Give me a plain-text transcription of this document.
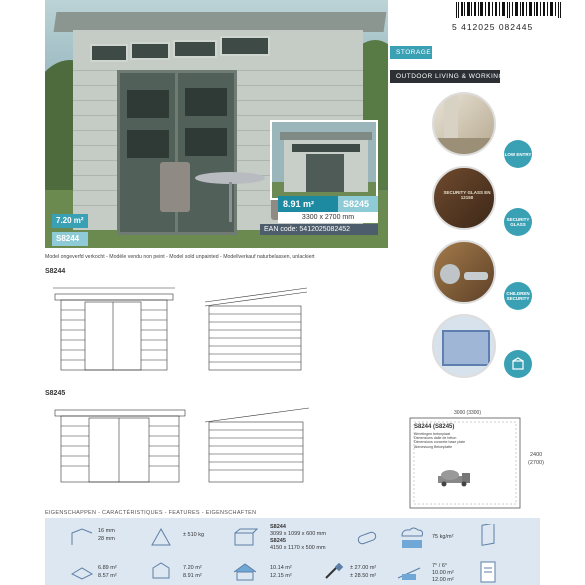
5 412025 082445
7.20 m²
S8244
8.91 m²	S8245
3300 x 2700 mm
EAN code: 5412025082452
Model ongeverfd verkocht - Modèle vendu non peint - Model sold unpainted - Modellverkauf naturbelassen, unlackiert
STORAGE
OUTDOOR LIVING & WORKING
LOW ENTRY
SECURITY GLASS EN 12150
SECURITY GLASS
CHILDREN SECURITY
S8244
S8245
3000 (3300)
S8244 (S8245)
Afmetingen betonplaat
Dimensions dalle de béton
Dimensions concrete base plate
Abmessung Betonplatte
2400
(2700)
EIGENSCHAPPEN - CARACTÉRISTIQUES - FEATURES - EIGENSCHAFTEN
16 mm
28 mm
± 510 kg
S8244
3099 x 1099 x 600 mm
S8245
4150 x 1170 x 500 mm
75 kg/m²
6.89 m²
8.57 m²
7.20 m²
8.91 m²
10.14 m²
12.15 m²
± 27.00 m²
± 28.50 m²
7° / 6°
10.00 m²
12.00 m²
